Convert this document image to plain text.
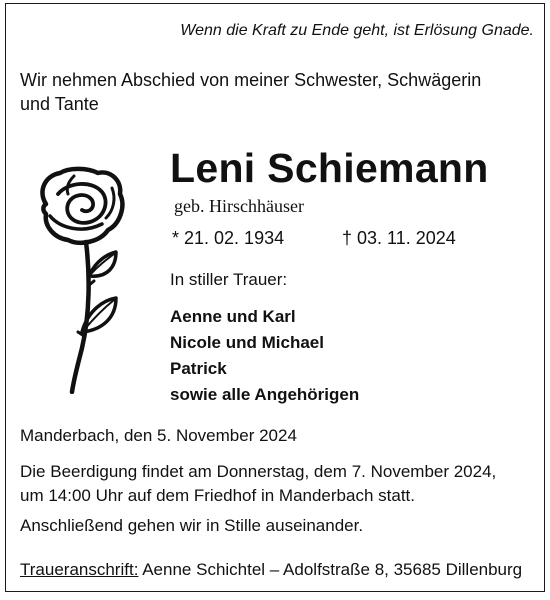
Wenn die Kraft zu Ende geht, ist Erlösung Gnade.
Wir nehmen Abschied von meiner Schwester, Schwägerin
und Tante
Leni Schiemann
geb. Hirschhäuser
* 21. 02. 1934	† 03. 11. 2024
In stiller Trauer:
Aenne und Karl
Nicole und Michael
Patrick
sowie alle Angehörigen
Manderbach, den 5. November 2024
Die Beerdigung findet am Donnerstag, dem 7. November 2024,
um 14:00 Uhr auf dem Friedhof in Manderbach statt.
Anschließend gehen wir in Stille auseinander.
Traueranschrift: Aenne Schichtel – Adolfstraße 8, 35685 Dillenburg
